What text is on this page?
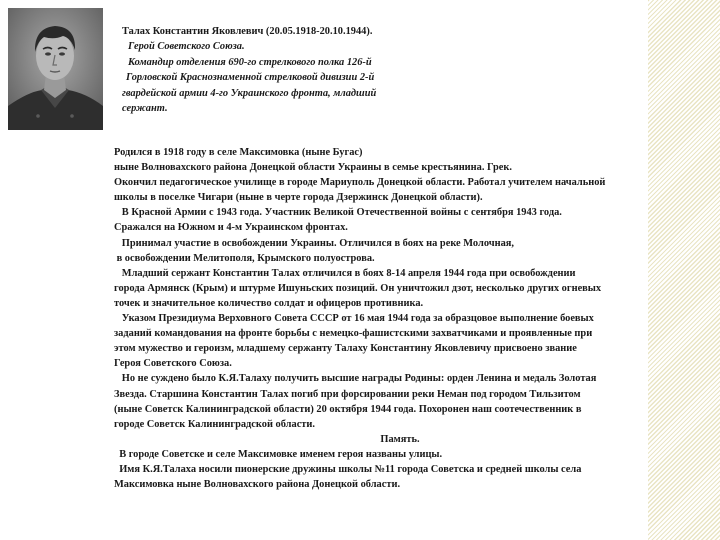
Талах Константин Яковлевич (20.05.1918-20.10.1944).
Герой Советского Союза.
Командир отделения 690-го стрелкового полка 126-й
Горловской Краснознаменной стрелковой дивизии 2-й
гвардейской армии 4-го Украинского фронта, младший
сержант.

Родился в 1918 году в селе Максимовка (ныне Бугас)

ныне Волновахского района Донецкой области Украины в семье крестьянина. Грек.

Окончил педагогическое училище в городе Мариуполь Донецкой области. Работал учителем начальной

школы в поселке Чигари (ныне в черте города Дзержинск Донецкой области).

В Красной Армии с 1943 года. Участник Великой Отечественной войны с сентября 1943 года.

Сражался на Южном и 4-м Украинском фронтах.

Принимал участие в освобождении Украины. Отличился в боях на реке Молочная,

в освобождении Мелитополя, Крымского полуострова.

Младший сержант Константин Талах отличился в боях 8-14 апреля 1944 года при освобождении

города Армянск (Крым) и штурме Ишуньских позиций. Он уничтожил дзот, несколько других огневых

точек и значительное количество солдат и офицеров противника.

Указом Президиума Верховного Совета СССР от 16 мая 1944 года за образцовое выполнение боевых

заданий командования на фронте борьбы с немецко-фашистскими захватчиками и проявленные при

этом мужество и героизм, младшему сержанту Талаху Константину Яковлевичу присвоено звание

Героя Советского Союза.

Но не суждено было К.Я.Талаху получить высшие награды Родины: орден Ленина и медаль Золотая

Звезда. Старшина Константин Талах погиб при форсировании реки Неман под городом Тильзитом

(ныне Советск Калининградской области) 20 октября 1944 года. Похоронен наш соотечественник в

городе Советск Калининградской области.

Память.

В городе Советске и селе Максимовке именем героя названы улицы.

Имя К.Я.Талаха носили пионерские дружины школы №11 города Советска и средней школы села

Максимовка ныне Волновахского района Донецкой области.
